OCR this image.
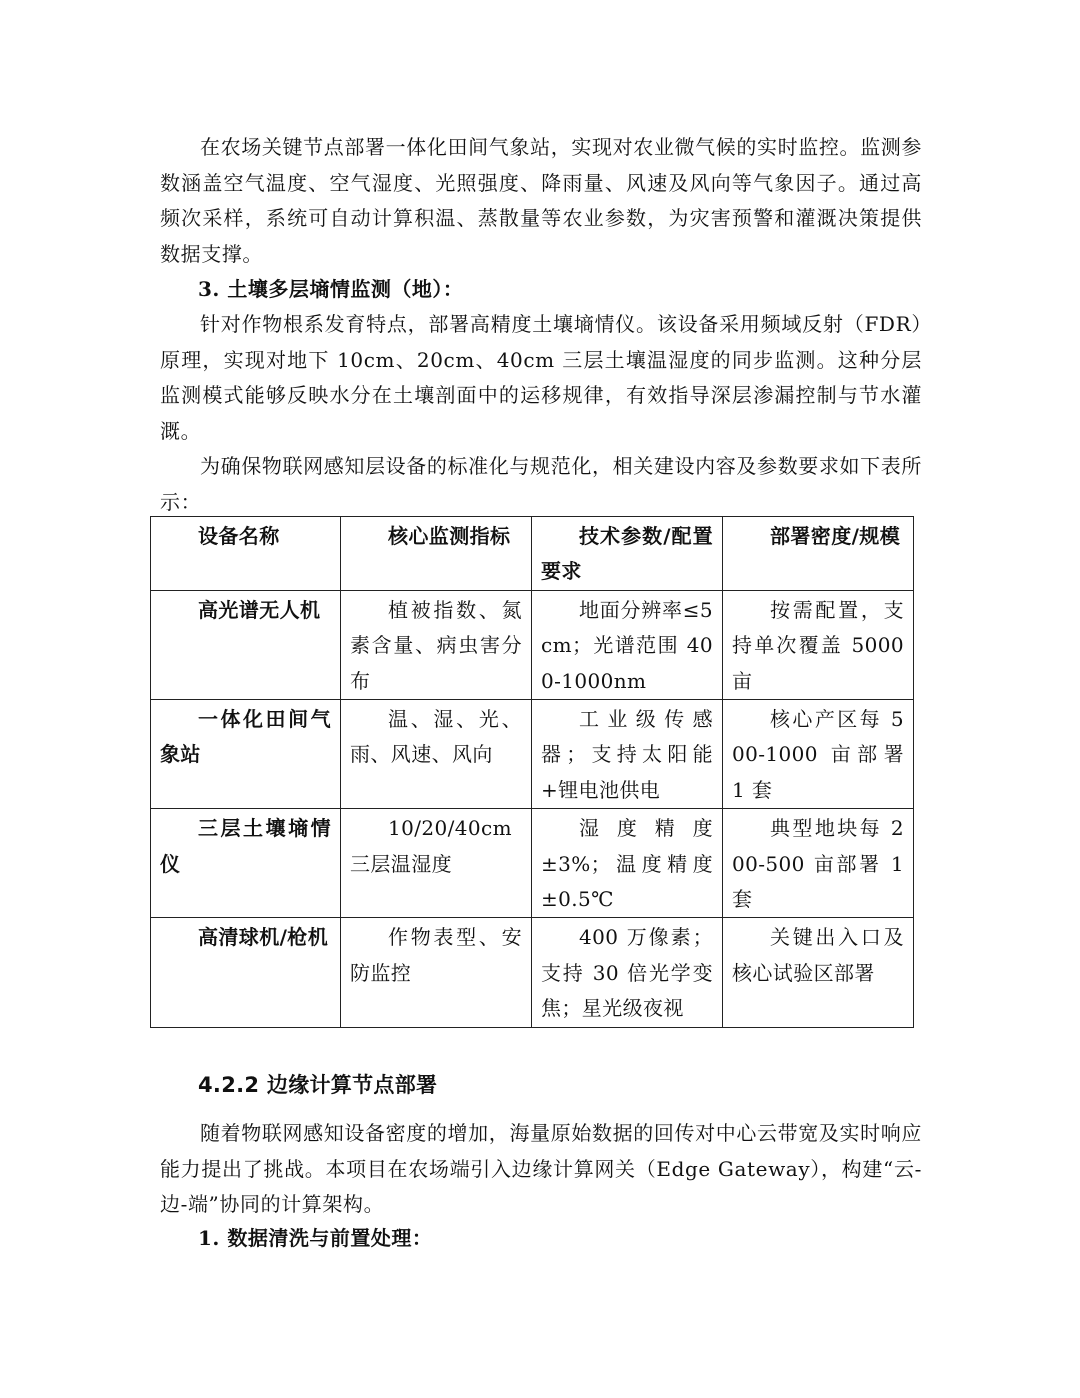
在农场关键节点部署一体化田间气象站，实现对农业微气候的实时监控。监测参数涵盖空气温度、空气湿度、光照强度、降雨量、风速及风向等气象因子。通过高频次采样，系统可自动计算积温、蒸散量等农业参数，为灾害预警和灌溉决策提供数据支撑。

3. 土壤多层墒情监测（地）：

针对作物根系发育特点，部署高精度土壤墒情仪。该设备采用频域反射（FDR）原理，实现对地下 10cm、20cm、40cm 三层土壤温湿度的同步监测。这种分层监测模式能够反映水分在土壤剖面中的运移规律，有效指导深层渗漏控制与节水灌溉。

为确保物联网感知层设备的标准化与规范化，相关建设内容及参数要求如下表所示：

设备名称	核心监测指标	技术参数/配置要求	部署密度/规模
高光谱无人机	植被指数、氮素含量、病虫害分布	地面分辨率≤5cm；光谱范围 400-1000nm	按需配置，支持单次覆盖 5000 亩
一体化田间气象站	温、湿、光、雨、风速、风向	工业级传感器；支持太阳能+锂电池供电	核心产区每 500-1000 亩部署 1 套
三层土壤墒情仪	10/20/40cm 三层温湿度	湿度精度±3%；温度精度±0.5℃	典型地块每 200-500 亩部署 1 套
高清球机/枪机	作物表型、安防监控	400 万像素；支持 30 倍光学变焦；星光级夜视	关键出入口及核心试验区部署

4.2.2 边缘计算节点部署

随着物联网感知设备密度的增加，海量原始数据的回传对中心云带宽及实时响应能力提出了挑战。本项目在农场端引入边缘计算网关（Edge Gateway），构建“云-边-端”协同的计算架构。

1. 数据清洗与前置处理：
